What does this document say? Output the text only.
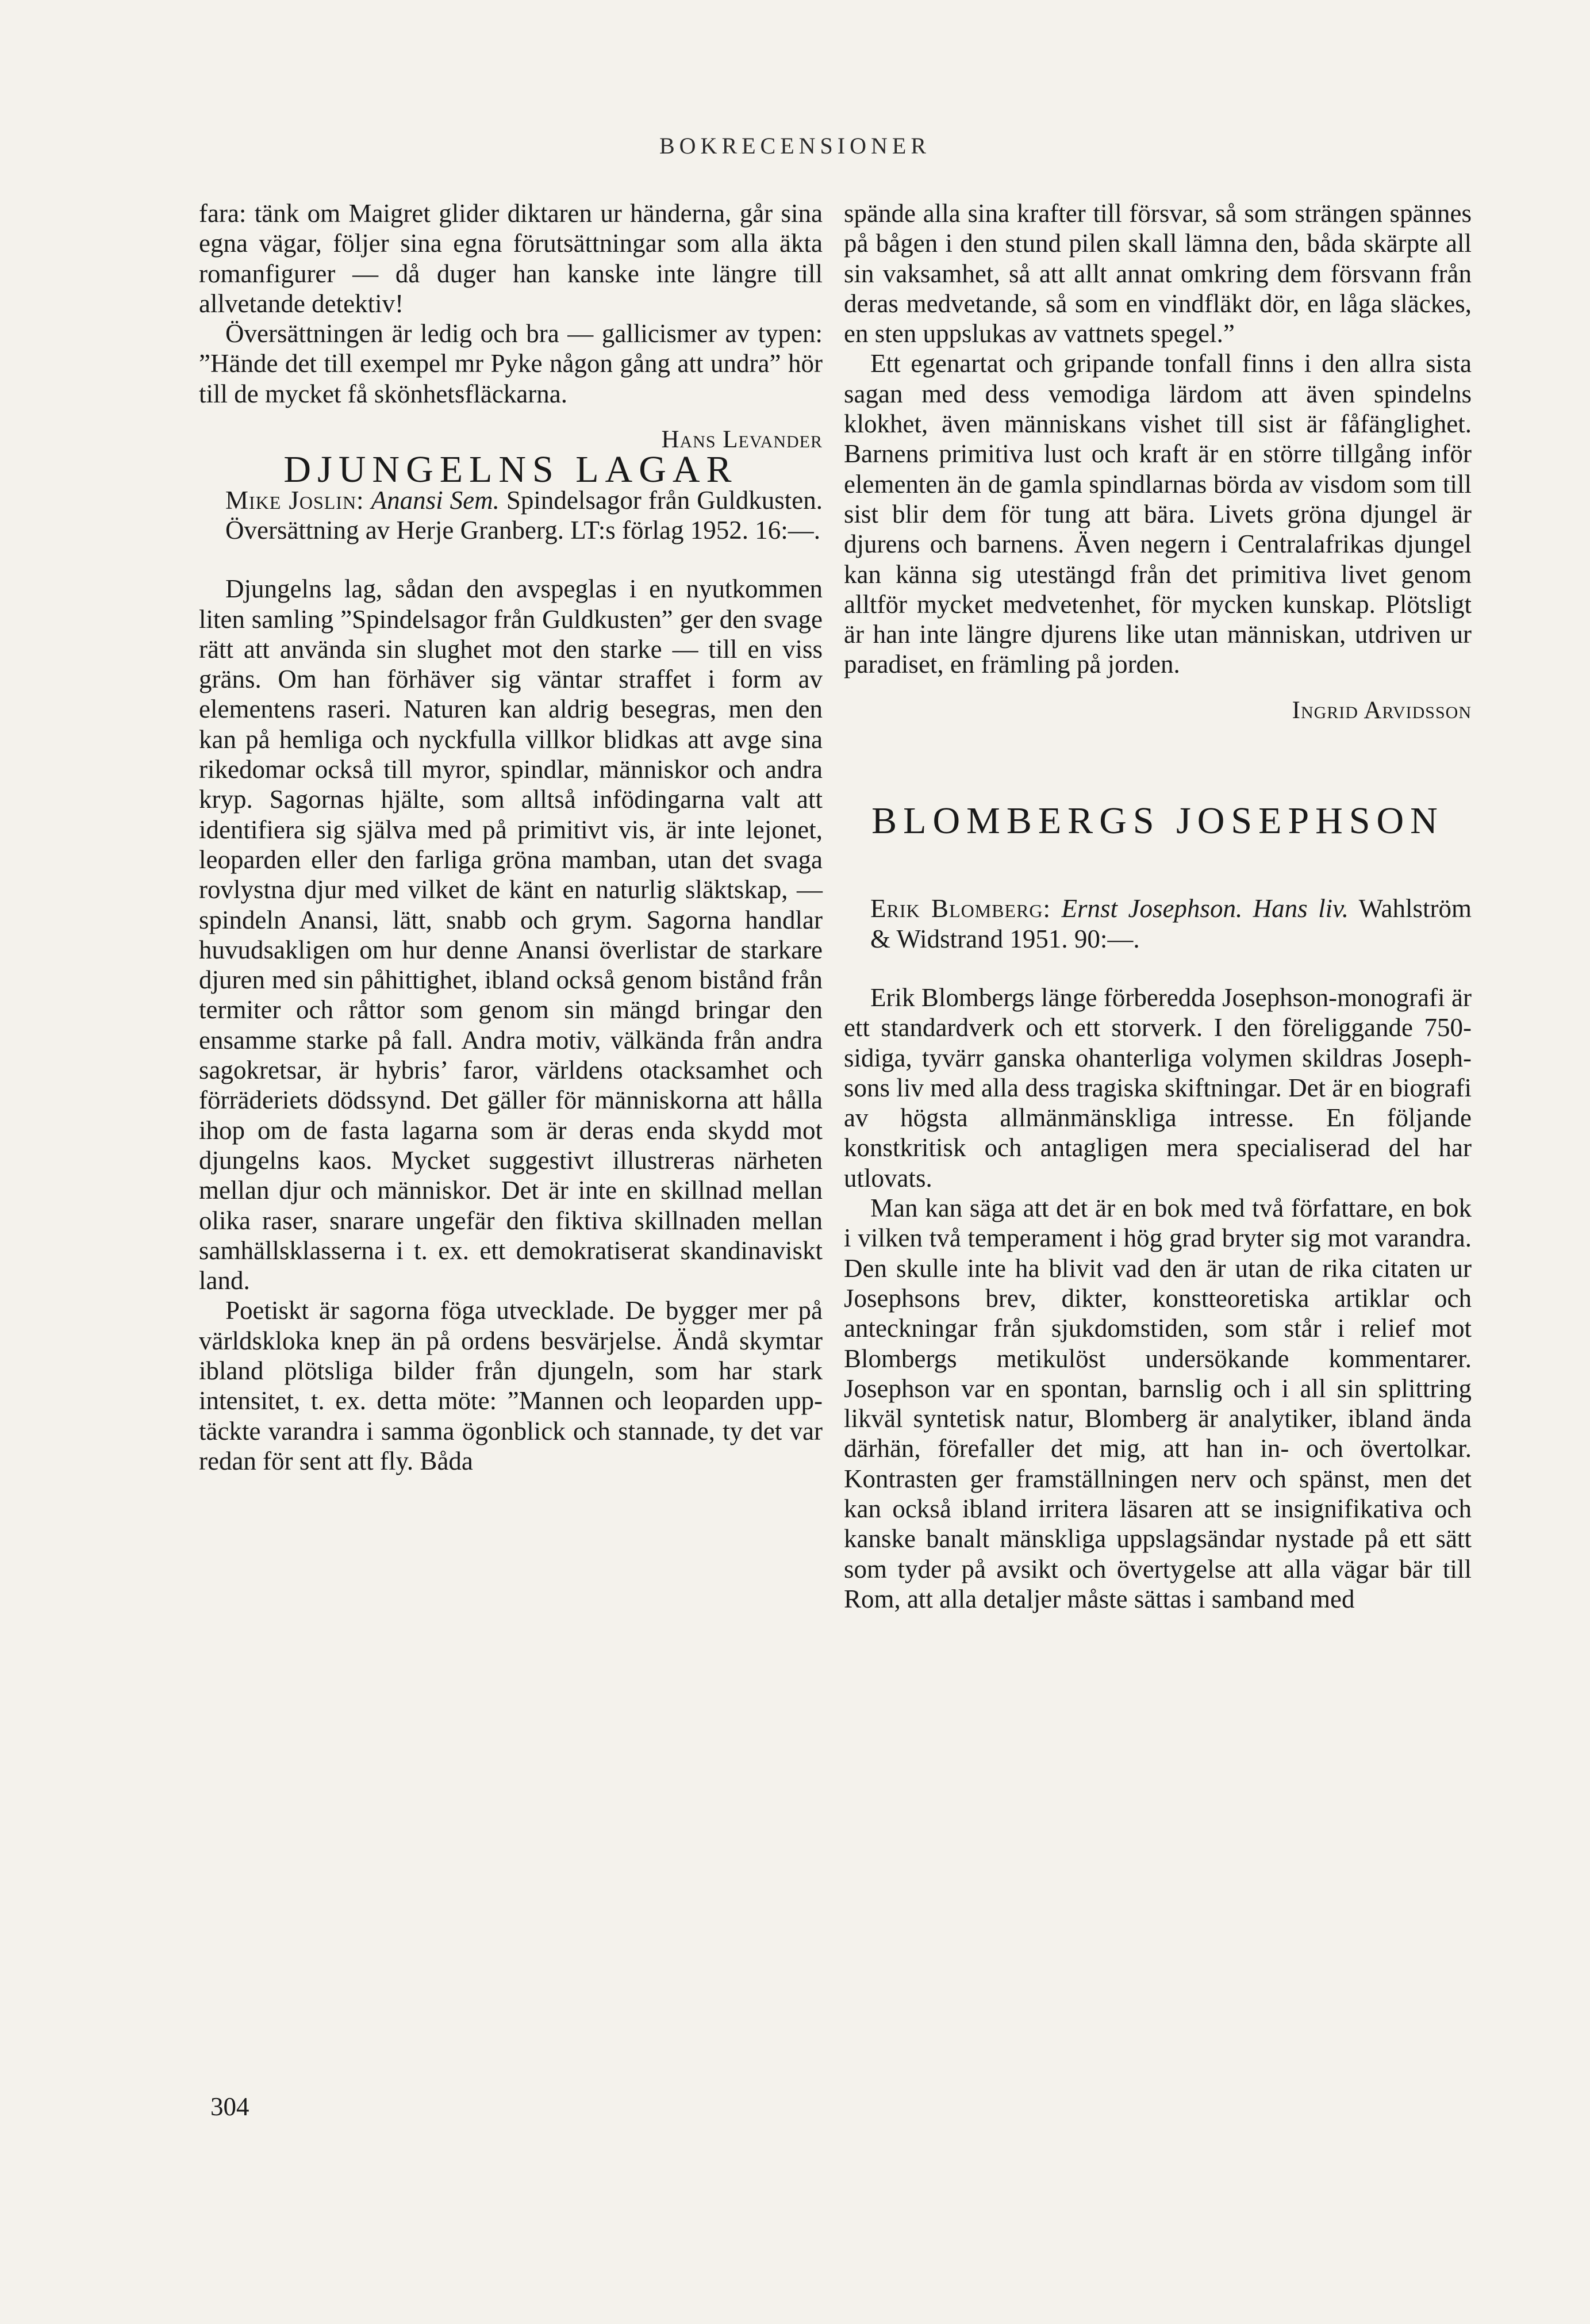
BOKRECENSIONER

fara: tänk om Maigret glider diktaren ur händerna, går sina egna vägar, följer sina egna förutsättningar som alla äkta romanfigurer — då duger han kanske inte längre till allvetande detektiv!

Översättningen är ledig och bra — gallicismer av typen: ”Hände det till exempel mr Pyke någon gång att undra” hör till de mycket få skönhetsfläckarna.

Hans Levander

DJUNGELNS LAGAR

Mike Joslin: Anansi Sem. Spindelsagor från Guldkusten. Översättning av Herje Granberg. LT:s förlag 1952. 16:—.

Djungelns lag, sådan den avspeglas i en nyutkommen liten samling ”Spindelsagor från Guldkusten” ger den svage rätt att använda sin slughet mot den starke — till en viss gräns. Om han förhäver sig väntar straffet i form av elementens raseri. Naturen kan aldrig besegras, men den kan på hemliga och nyckfulla villkor blidkas att avge sina rikedomar också till myror, spindlar, människor och andra kryp. Sagornas hjälte, som alltså infödingarna valt att identifiera sig själva med på primitivt vis, är inte lejonet, leoparden eller den farliga gröna mamban, utan det svaga rovlystna djur med vilket de känt en naturlig släktskap, — spindeln Anansi, lätt, snabb och grym. Sagorna handlar huvudsakligen om hur denne Anansi överlistar de starkare djuren med sin påhittighet, ibland också genom bistånd från termiter och råttor som genom sin mängd bringar den ensamme starke på fall. Andra motiv, välkända från andra sagokretsar, är hybris’ faror, världens otacksamhet och förräderiets dödssynd. Det gäller för människorna att hålla ihop om de fasta lagarna som är deras enda skydd mot djungelns kaos. Mycket suggestivt illustreras närheten mellan djur och människor. Det är inte en skillnad mellan olika raser, snarare ungefär den fiktiva skillnaden mellan samhällsklasserna i t. ex. ett demokratiserat skandinaviskt land.

Poetiskt är sagorna föga utvecklade. De bygger mer på världskloka knep än på ordens besvärjelse. Ändå skymtar ibland plötsliga bilder från djungeln, som har stark intensitet, t. ex. detta möte: ”Mannen och leoparden upptäckte varandra i samma ögonblick och stannade, ty det var redan för sent att fly. Båda

spände alla sina krafter till försvar, så som strängen spännes på bågen i den stund pilen skall lämna den, båda skärpte all sin vaksamhet, så att allt annat omkring dem försvann från deras medvetande, så som en vindfläkt dör, en låga släckes, en sten uppslukas av vattnets spegel.”

Ett egenartat och gripande tonfall finns i den allra sista sagan med dess vemodiga lärdom att även spindelns klokhet, även människans vishet till sist är fåfänglighet. Barnens primitiva lust och kraft är en större tillgång inför elementen än de gamla spindlarnas börda av visdom som till sist blir dem för tung att bära. Livets gröna djungel är djurens och barnens. Även negern i Centralafrikas djungel kan känna sig utestängd från det primitiva livet genom alltför mycket medvetenhet, för mycken kunskap. Plötsligt är han inte längre djurens like utan människan, utdriven ur paradiset, en främling på jorden.

Ingrid Arvidsson

BLOMBERGS JOSEPHSON

Erik Blomberg: Ernst Josephson. Hans liv. Wahlström & Widstrand 1951. 90:—.

Erik Blombergs länge förberedda Josephson-monografi är ett standardverk och ett storverk. I den föreliggande 750-sidiga, tyvärr ganska ohanterliga volymen skildras Josephsons liv med alla dess tragiska skiftningar. Det är en biografi av högsta allmänmänskliga intresse. En följande konstkritisk och antagligen mera specialiserad del har utlovats.

Man kan säga att det är en bok med två författare, en bok i vilken två temperament i hög grad bryter sig mot varandra. Den skulle inte ha blivit vad den är utan de rika citaten ur Josephsons brev, dikter, konstteoretiska artiklar och anteckningar från sjukdomstiden, som står i relief mot Blombergs metikulöst undersökande kommentarer. Josephson var en spontan, barnslig och i all sin splittring likväl syntetisk natur, Blomberg är analytiker, ibland ända därhän, förefaller det mig, att han in- och övertolkar. Kontrasten ger framställningen nerv och spänst, men det kan också ibland irritera läsaren att se insignifikativa och kanske banalt mänskliga uppslagsändar nystade på ett sätt som tyder på avsikt och övertygelse att alla vägar bär till Rom, att alla detaljer måste sättas i samband med

304
